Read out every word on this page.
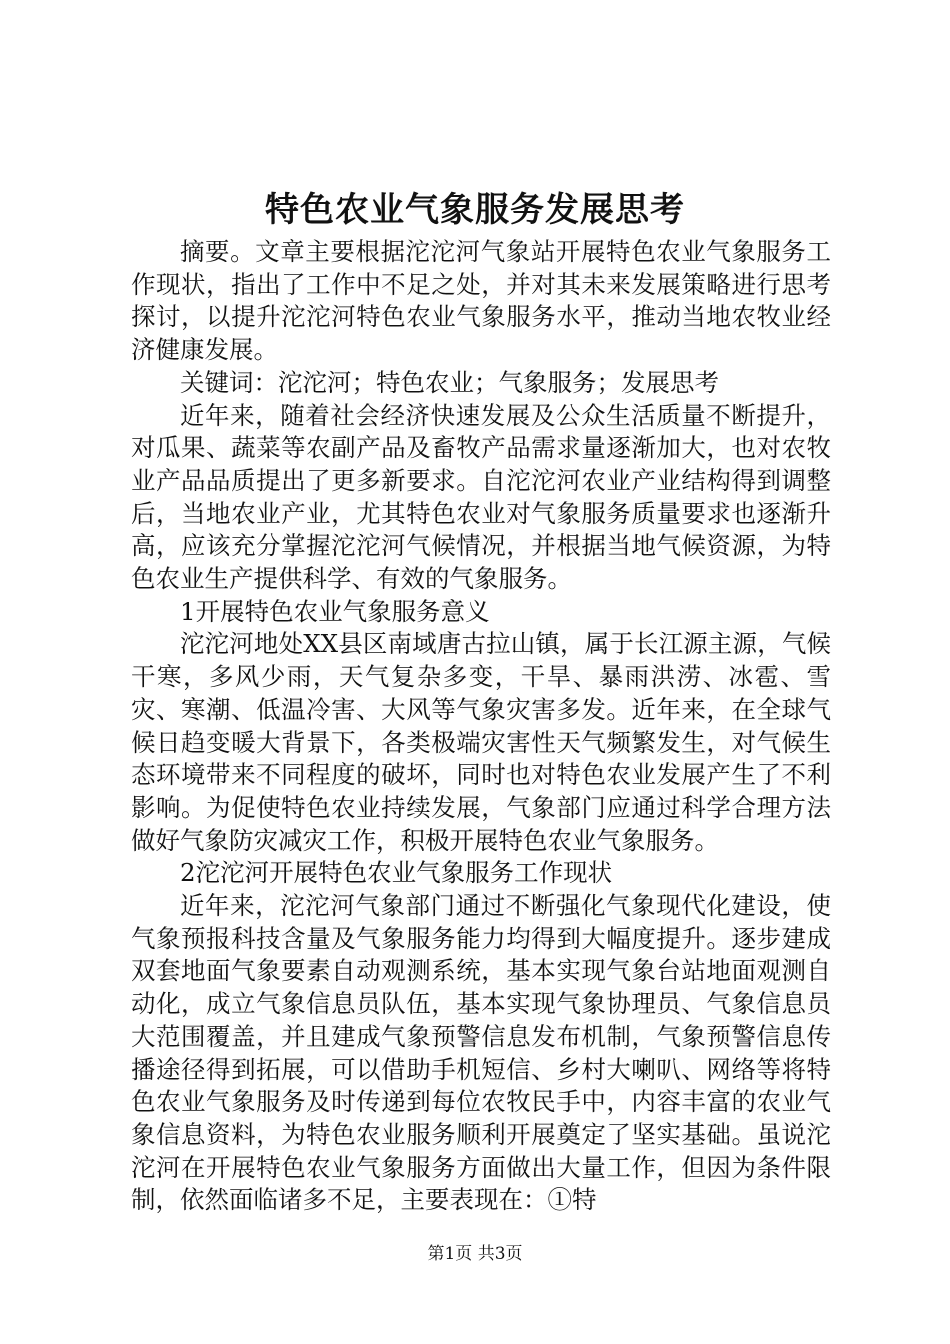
特色农业气象服务发展思考

摘要。文章主要根据沱沱河气象站开展特色农业气象服务工作现状，指出了工作中不足之处，并对其未来发展策略进行思考探讨，以提升沱沱河特色农业气象服务水平，推动当地农牧业经济健康发展。

关键词：沱沱河；特色农业；气象服务；发展思考

近年来，随着社会经济快速发展及公众生活质量不断提升，对瓜果、蔬菜等农副产品及畜牧产品需求量逐渐加大，也对农牧业产品品质提出了更多新要求。自沱沱河农业产业结构得到调整后，当地农业产业，尤其特色农业对气象服务质量要求也逐渐升高，应该充分掌握沱沱河气候情况，并根据当地气候资源，为特色农业生产提供科学、有效的气象服务。

1开展特色农业气象服务意义

沱沱河地处XX县区南域唐古拉山镇，属于长江源主源，气候干寒，多风少雨，天气复杂多变，干旱、暴雨洪涝、冰雹、雪灾、寒潮、低温冷害、大风等气象灾害多发。近年来，在全球气候日趋变暖大背景下，各类极端灾害性天气频繁发生，对气候生态环境带来不同程度的破坏，同时也对特色农业发展产生了不利影响。为促使特色农业持续发展，气象部门应通过科学合理方法做好气象防灾减灾工作，积极开展特色农业气象服务。

2沱沱河开展特色农业气象服务工作现状

近年来，沱沱河气象部门通过不断强化气象现代化建设，使气象预报科技含量及气象服务能力均得到大幅度提升。逐步建成双套地面气象要素自动观测系统，基本实现气象台站地面观测自动化，成立气象信息员队伍，基本实现气象协理员、气象信息员大范围覆盖，并且建成气象预警信息发布机制，气象预警信息传播途径得到拓展，可以借助手机短信、乡村大喇叭、网络等将特色农业气象服务及时传递到每位农牧民手中，内容丰富的农业气象信息资料，为特色农业服务顺利开展奠定了坚实基础。虽说沱沱河在开展特色农业气象服务方面做出大量工作，但因为条件限制，依然面临诸多不足，主要表现在：①特

第1页 共3页
